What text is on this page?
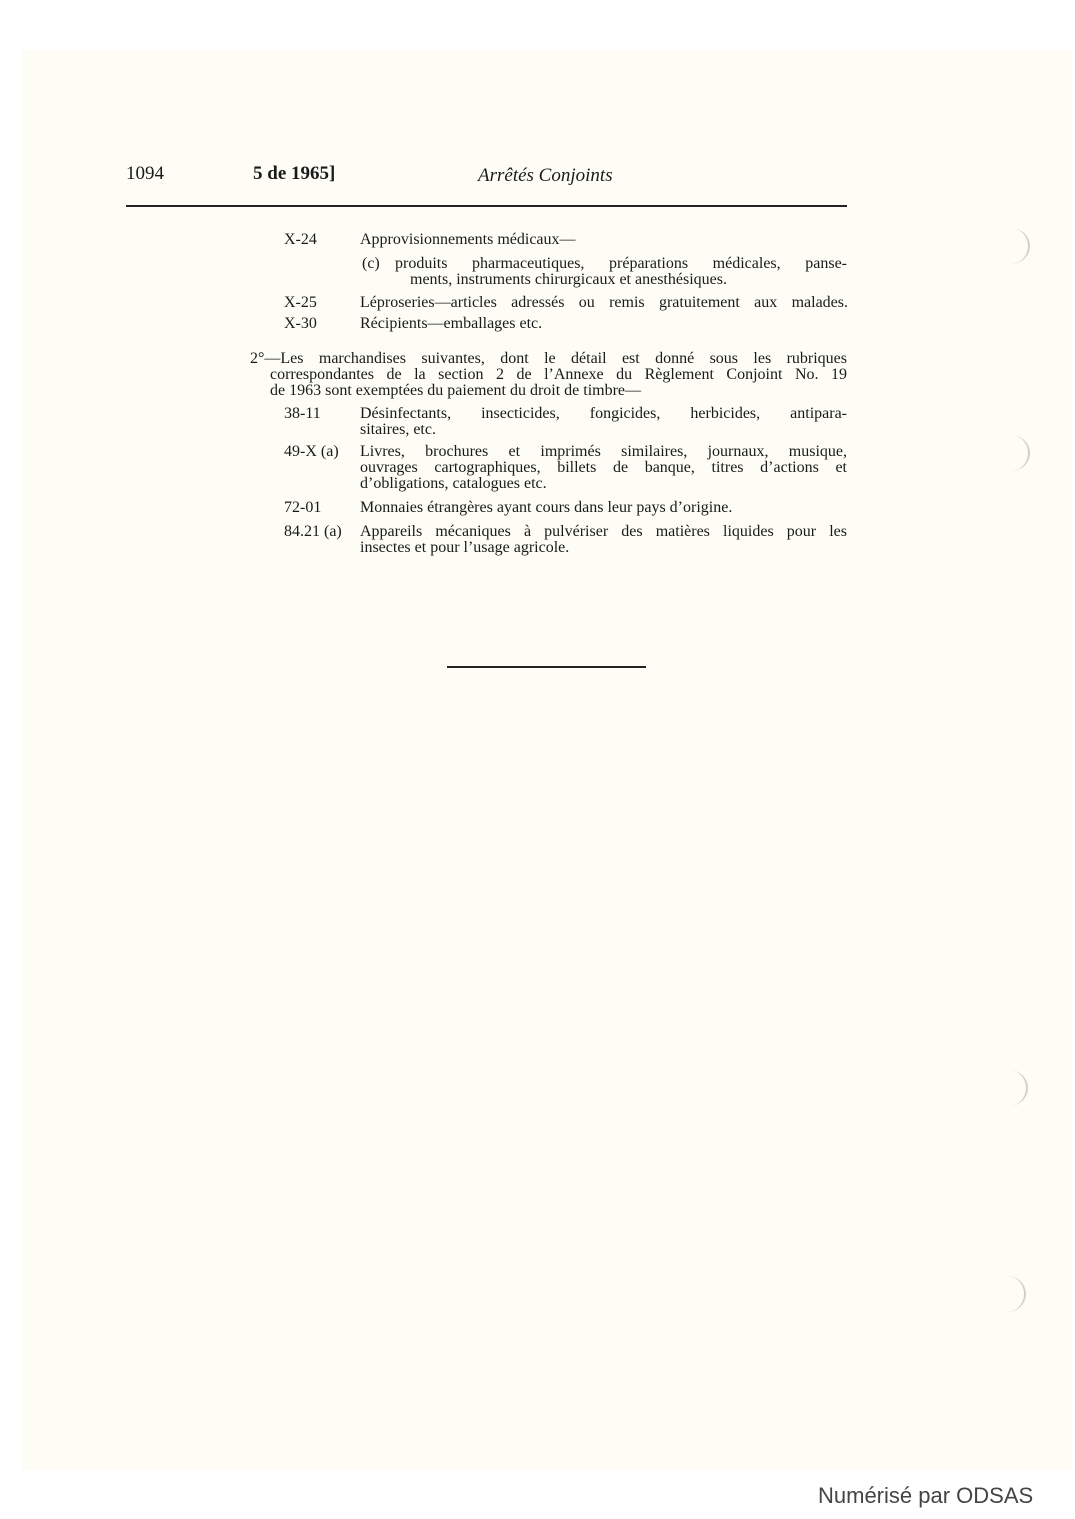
1094	5 de 1965]	Arrêtés Conjoints
X-24	Approvisionnements médicaux—
(c) produits pharmaceutiques, préparations médicales, panse-
ments, instruments chirurgicaux et anesthésiques.
X-25	Léproseries—articles adressés ou remis gratuitement aux malades.
X-30	Récipients—emballages etc.
2°—Les marchandises suivantes, dont le détail est donné sous les rubriques
correspondantes de la section 2 de l’Annexe du Règlement Conjoint No. 19
de 1963 sont exemptées du paiement du droit de timbre—
38-11 Désinfectants, insecticides, fongicides, herbicides, antipara-
sitaires, etc.
49-X (a) Livres, brochures et imprimés similaires, journaux, musique,
ouvrages cartographiques, billets de banque, titres d’actions et
d’obligations, catalogues etc.
72-01 Monnaies étrangères ayant cours dans leur pays d’origine.
84.21 (a) Appareils mécaniques à pulvériser des matières liquides pour les
insectes et pour l’usage agricole.
Numérisé par ODSAS
